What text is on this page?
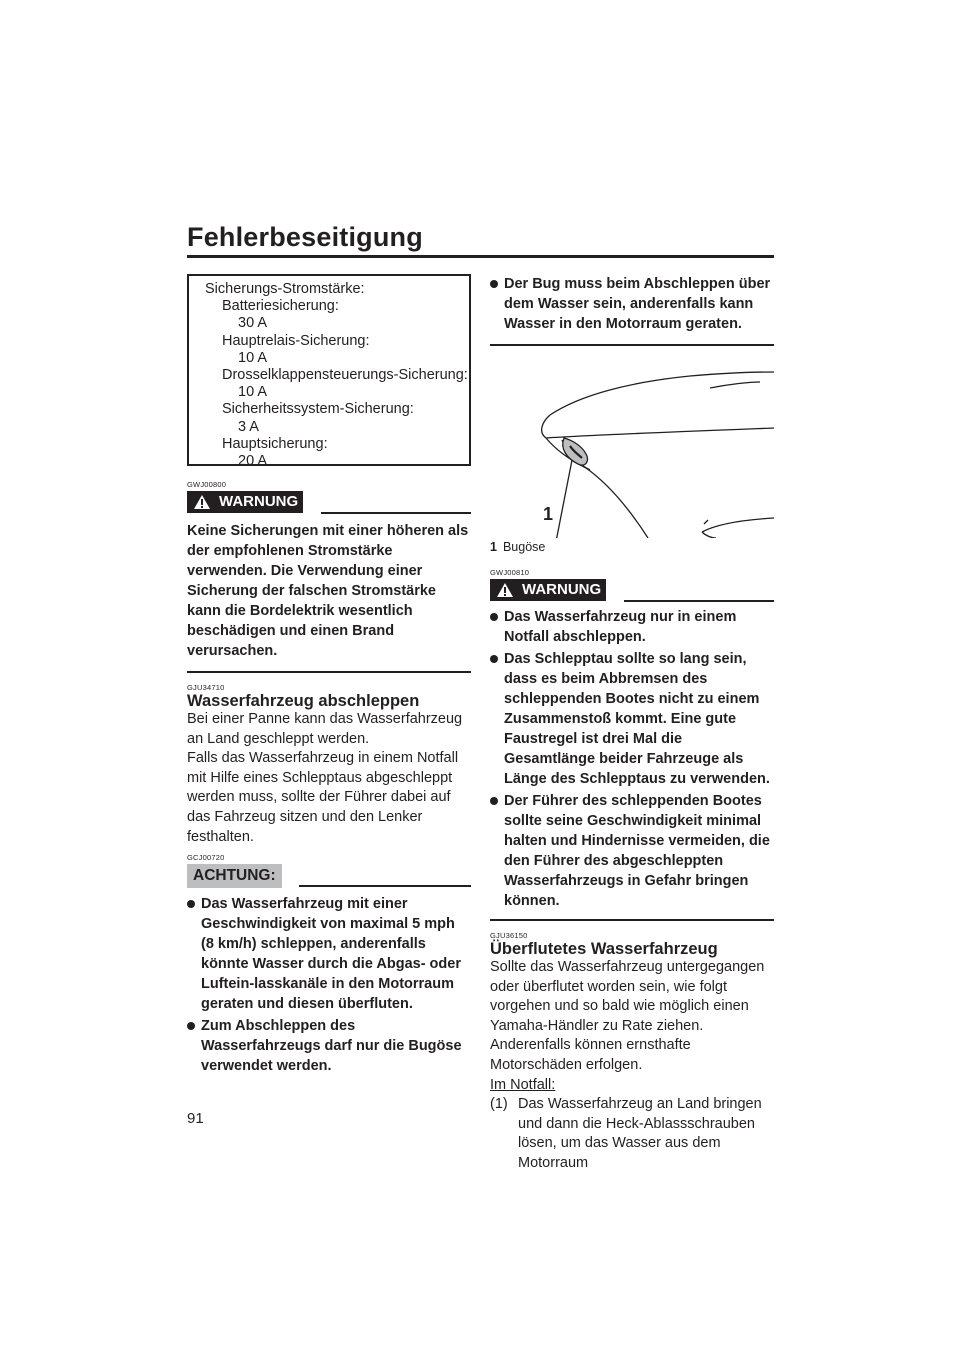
Fehlerbeseitigung
Sicherungs-Stromstärke:
Batteriesicherung:
30 A
Hauptrelais-Sicherung:
10 A
Drosselklappensteuerungs-Sicherung:
10 A
Sicherheitssystem-Sicherung:
3 A
Hauptsicherung:
20 A
GWJ00800
WARNUNG
Keine Sicherungen mit einer höheren als der empfohlenen Stromstärke verwenden. Die Verwendung einer Sicherung der falschen Stromstärke kann die Bordelektrik wesentlich beschädigen und einen Brand verursachen.
GJU34710
Wasserfahrzeug abschleppen
Bei einer Panne kann das Wasserfahrzeug an Land geschleppt werden.
Falls das Wasserfahrzeug in einem Notfall mit Hilfe eines Schlepptaus abgeschleppt werden muss, sollte der Führer dabei auf das Fahrzeug sitzen und den Lenker festhalten.
GCJ00720
ACHTUNG:
Das Wasserfahrzeug mit einer Geschwindigkeit von maximal 5 mph (8 km/h) schleppen, anderenfalls könnte Wasser durch die Abgas- oder Luftein-lasskanäle in den Motorraum geraten und diesen überfluten.
Zum Abschleppen des Wasserfahrzeugs darf nur die Bugöse verwendet werden.
Der Bug muss beim Abschleppen über dem Wasser sein, anderenfalls kann Wasser in den Motorraum geraten.
1
1 Bugöse
GWJ00810
WARNUNG
Das Wasserfahrzeug nur in einem Notfall abschleppen.
Das Schlepptau sollte so lang sein, dass es beim Abbremsen des schleppenden Bootes nicht zu einem Zusammenstoß kommt. Eine gute Faustregel ist drei Mal die Gesamtlänge beider Fahrzeuge als Länge des Schlepptaus zu verwenden.
Der Führer des schleppenden Bootes sollte seine Geschwindigkeit minimal halten und Hindernisse vermeiden, die den Führer des abgeschleppten Wasserfahrzeugs in Gefahr bringen können.
GJU36150
Überflutetes Wasserfahrzeug
Sollte das Wasserfahrzeug untergegangen oder überflutet worden sein, wie folgt vorgehen und so bald wie möglich einen Yamaha-Händler zu Rate ziehen. Anderenfalls können ernsthafte Motorschäden erfolgen.
Im Notfall:
(1) Das Wasserfahrzeug an Land bringen und dann die Heck-Ablassschrauben lösen, um das Wasser aus dem Motorraum
91
